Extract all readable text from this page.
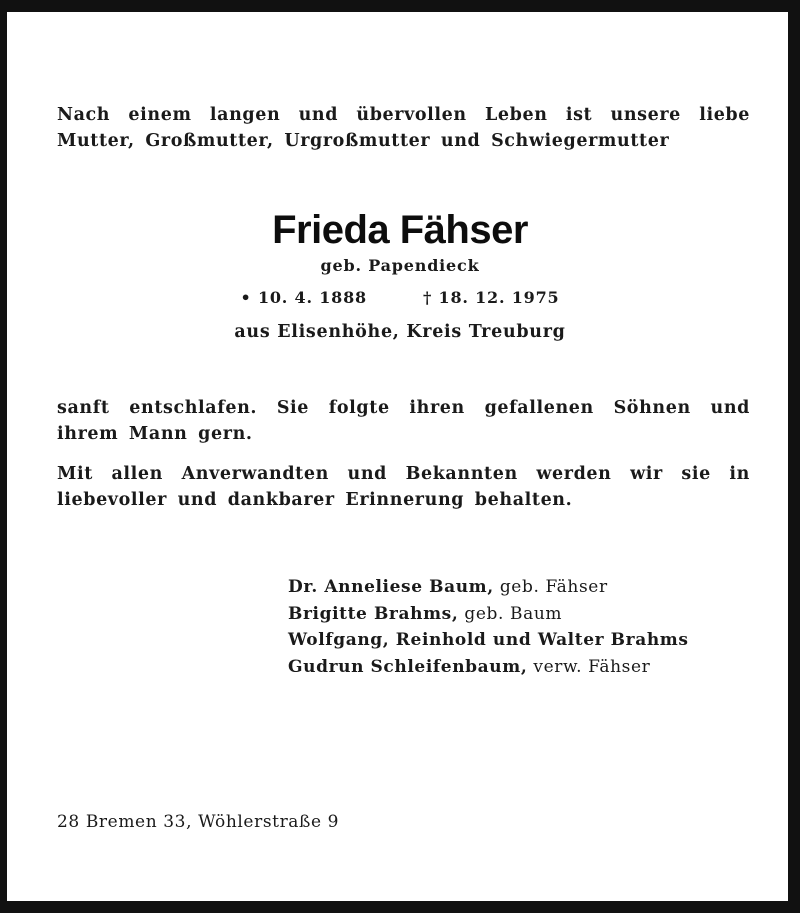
Nach einem langen und übervollen Leben ist unsere liebe
Mutter, Großmutter, Urgroßmutter und Schwiegermutter
Frieda Fähser
geb. Papendieck
• 10. 4. 1888	† 18. 12. 1975
aus Elisenhöhe, Kreis Treuburg
sanft entschlafen. Sie folgte ihren gefallenen Söhnen und
ihrem Mann gern.
Mit allen Anverwandten und Bekannten werden wir sie in
liebevoller und dankbarer Erinnerung behalten.
Dr. Anneliese Baum, geb. Fähser
Brigitte Brahms, geb. Baum
Wolfgang, Reinhold und Walter Brahms
Gudrun Schleifenbaum, verw. Fähser
28 Bremen 33, Wöhlerstraße 9
